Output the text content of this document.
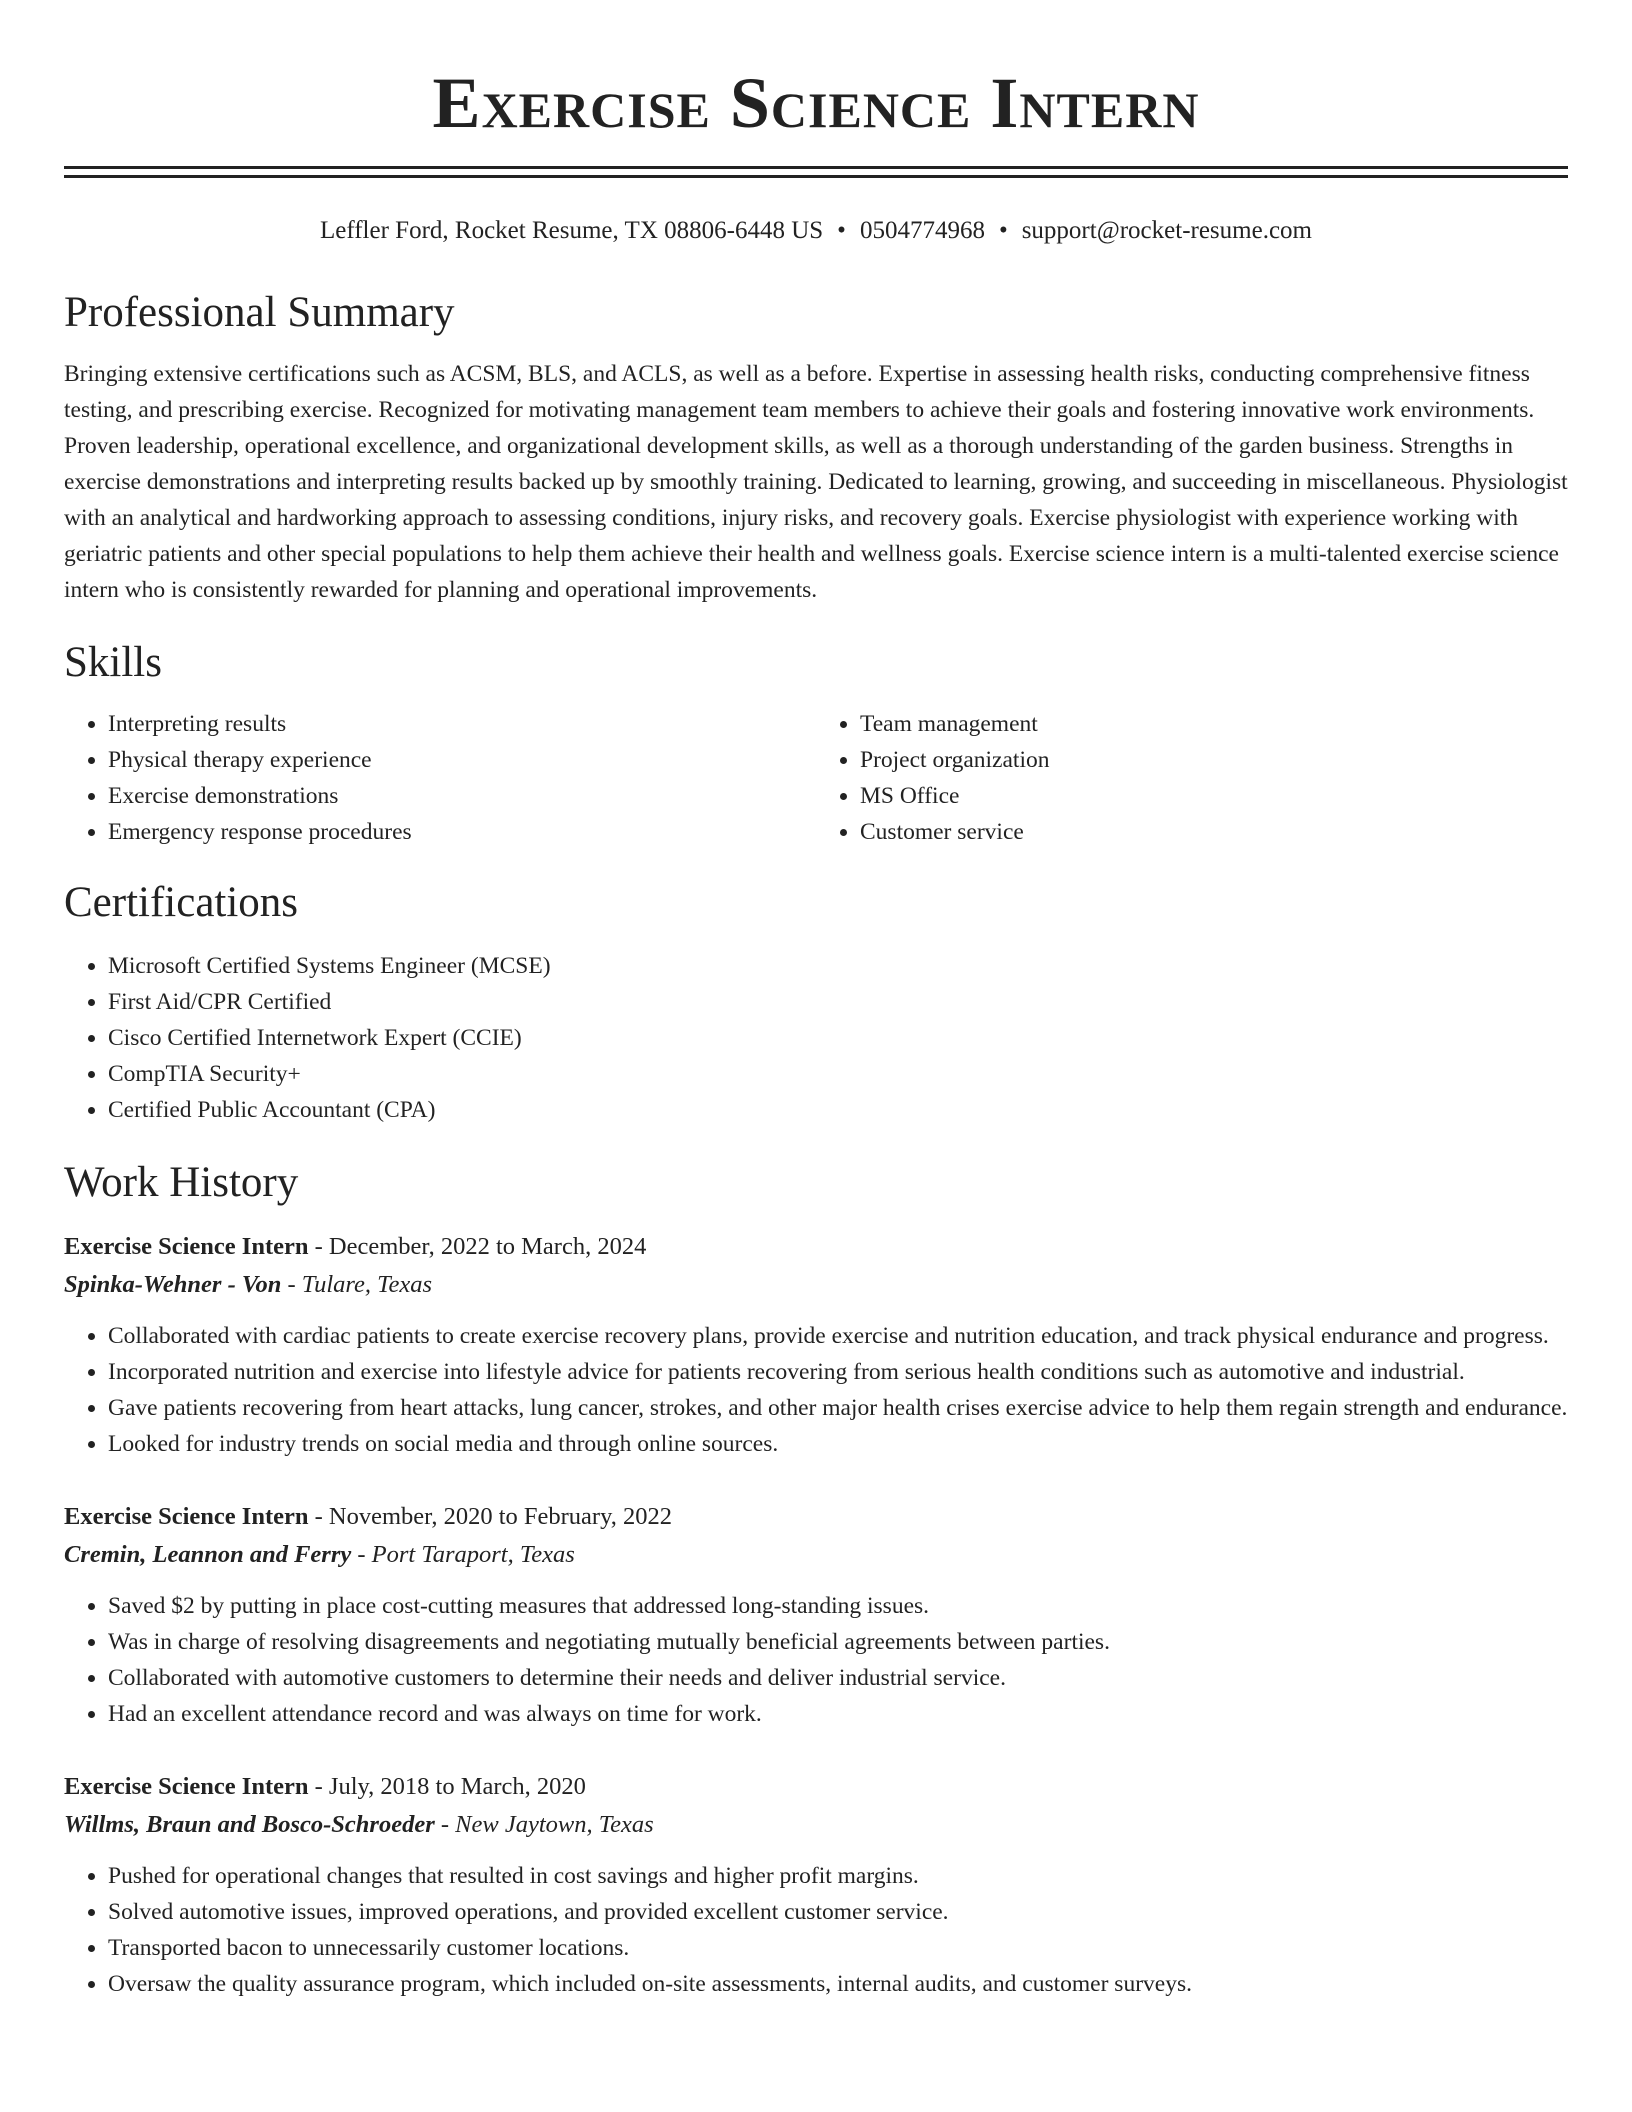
Exercise Science Intern
Leffler Ford, Rocket Resume, TX 08806-6448 US • 0504774968 • support@rocket-resume.com
Professional Summary

Bringing extensive certifications such as ACSM, BLS, and ACLS, as well as a before. Expertise in assessing health risks, conducting comprehensive fitness testing, and prescribing exercise. Recognized for motivating management team members to achieve their goals and fostering innovative work environments. Proven leadership, operational excellence, and organizational development skills, as well as a thorough understanding of the garden business. Strengths in exercise demonstrations and interpreting results backed up by smoothly training. Dedicated to learning, growing, and succeeding in miscellaneous. Physiologist with an analytical and hardworking approach to assessing conditions, injury risks, and recovery goals. Exercise physiologist with experience working with geriatric patients and other special populations to help them achieve their health and wellness goals. Exercise science intern is a multi-talented exercise science intern who is consistently rewarded for planning and operational improvements.

Skills
• Interpreting results
• Physical therapy experience
• Exercise demonstrations
• Emergency response procedures
• Team management
• Project organization
• MS Office
• Customer service
Certifications
• Microsoft Certified Systems Engineer (MCSE)
• First Aid/CPR Certified
• Cisco Certified Internetwork Expert (CCIE)
• CompTIA Security+
• Certified Public Accountant (CPA)
Work History
Exercise Science Intern - December, 2022 to March, 2024
Spinka-Wehner - Von - Tulare, Texas
• Collaborated with cardiac patients to create exercise recovery plans, provide exercise and nutrition education, and track physical endurance and progress.
• Incorporated nutrition and exercise into lifestyle advice for patients recovering from serious health conditions such as automotive and industrial.
• Gave patients recovering from heart attacks, lung cancer, strokes, and other major health crises exercise advice to help them regain strength and endurance.
• Looked for industry trends on social media and through online sources.
Exercise Science Intern - November, 2020 to February, 2022
Cremin, Leannon and Ferry - Port Taraport, Texas
• Saved $2 by putting in place cost-cutting measures that addressed long-standing issues.
• Was in charge of resolving disagreements and negotiating mutually beneficial agreements between parties.
• Collaborated with automotive customers to determine their needs and deliver industrial service.
• Had an excellent attendance record and was always on time for work.
Exercise Science Intern - July, 2018 to March, 2020
Willms, Braun and Bosco-Schroeder - New Jaytown, Texas
• Pushed for operational changes that resulted in cost savings and higher profit margins.
• Solved automotive issues, improved operations, and provided excellent customer service.
• Transported bacon to unnecessarily customer locations.
• Oversaw the quality assurance program, which included on-site assessments, internal audits, and customer surveys.
